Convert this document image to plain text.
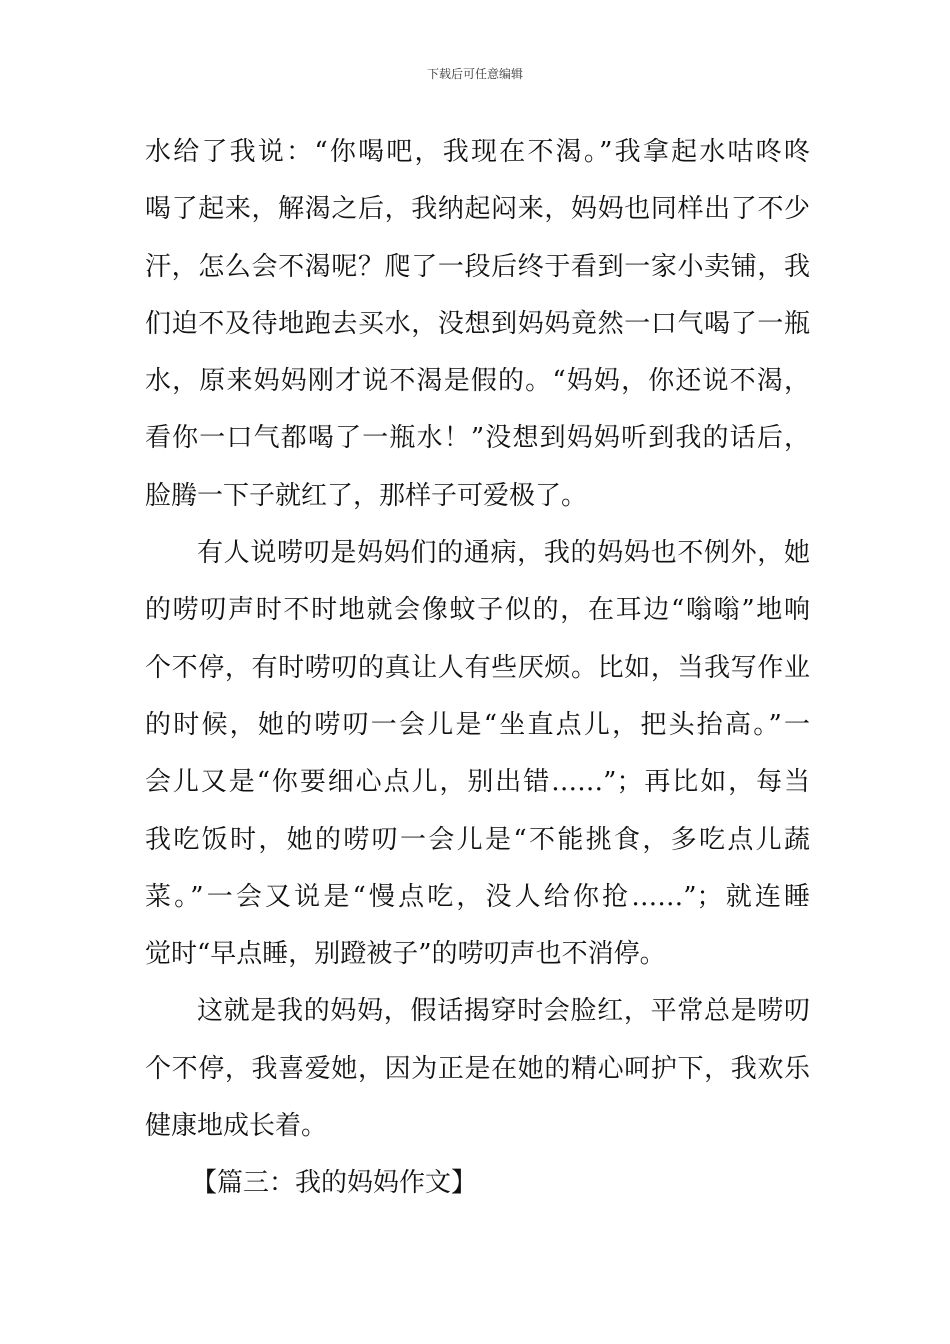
下载后可任意编辑
水给了我说：“你喝吧，我现在不渴。”我拿起水咕咚咚
喝了起来，解渴之后，我纳起闷来，妈妈也同样出了不少
汗，怎么会不渴呢？爬了一段后终于看到一家小卖铺，我
们迫不及待地跑去买水，没想到妈妈竟然一口气喝了一瓶
水，原来妈妈刚才说不渴是假的。“妈妈，你还说不渴，
看你一口气都喝了一瓶水！”没想到妈妈听到我的话后，
脸腾一下子就红了，那样子可爱极了。
有人说唠叨是妈妈们的通病，我的妈妈也不例外，她
的唠叨声时不时地就会像蚊子似的，在耳边“嗡嗡”地响
个不停，有时唠叨的真让人有些厌烦。比如，当我写作业
的时候，她的唠叨一会儿是“坐直点儿，把头抬高。”一
会儿又是“你要细心点儿，别出错……”；再比如，每当
我吃饭时，她的唠叨一会儿是“不能挑食，多吃点儿蔬
菜。”一会又说是“慢点吃，没人给你抢……”；就连睡
觉时“早点睡，别蹬被子”的唠叨声也不消停。
这就是我的妈妈，假话揭穿时会脸红，平常总是唠叨
个不停，我喜爱她，因为正是在她的精心呵护下，我欢乐
健康地成长着。
【篇三：我的妈妈作文】
